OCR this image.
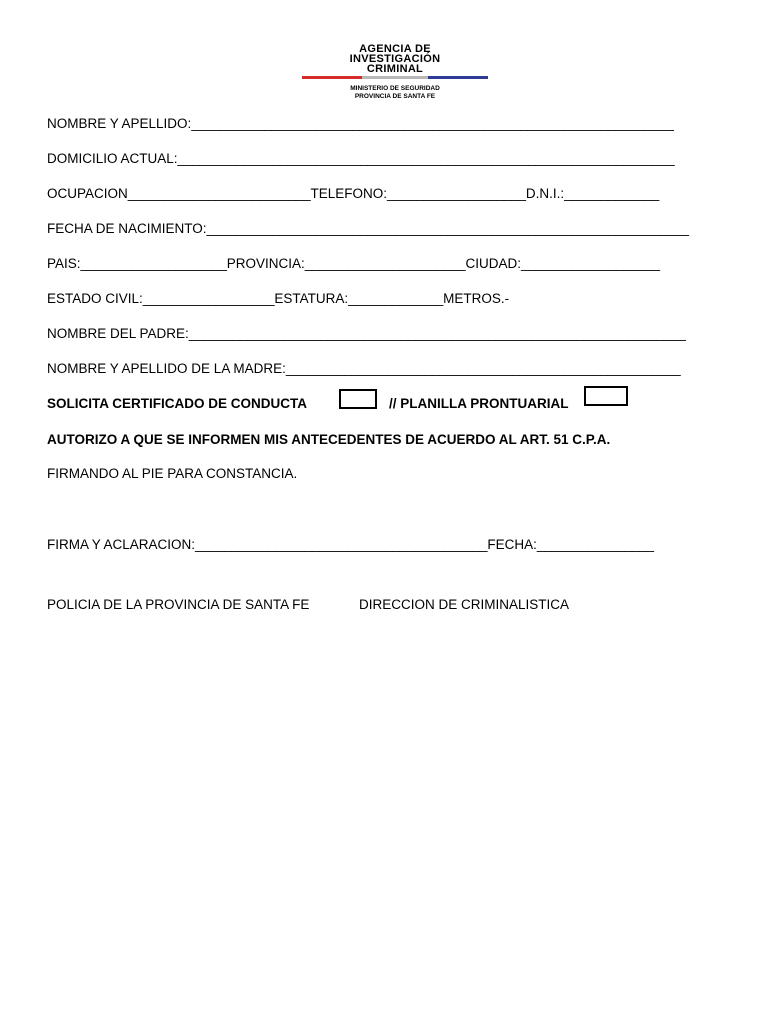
AGENCIA DE
INVESTIGACIÓN
CRIMINAL
MINISTERIO DE SEGURIDAD
PROVINCIA DE SANTA FE
NOMBRE Y APELLIDO:__________________________________________________________________
DOMICILIO ACTUAL:____________________________________________________________________
OCUPACION_________________________TELEFONO:___________________D.N.I.:_____________
FECHA DE NACIMIENTO:__________________________________________________________________
PAIS:____________________PROVINCIA:______________________CIUDAD:___________________
ESTADO CIVIL:__________________ESTATURA:_____________METROS.-
NOMBRE DEL PADRE:____________________________________________________________________
NOMBRE Y APELLIDO DE LA MADRE:______________________________________________________
SOLICITA CERTIFICADO DE CONDUCTA	// PLANILLA PRONTUARIAL
AUTORIZO A QUE SE INFORMEN MIS ANTECEDENTES DE ACUERDO AL ART. 51 C.P.A.
FIRMANDO AL PIE PARA CONSTANCIA.
FIRMA Y ACLARACION:________________________________________FECHA:________________
POLICIA DE LA PROVINCIA DE SANTA FE	DIRECCION DE CRIMINALISTICA
